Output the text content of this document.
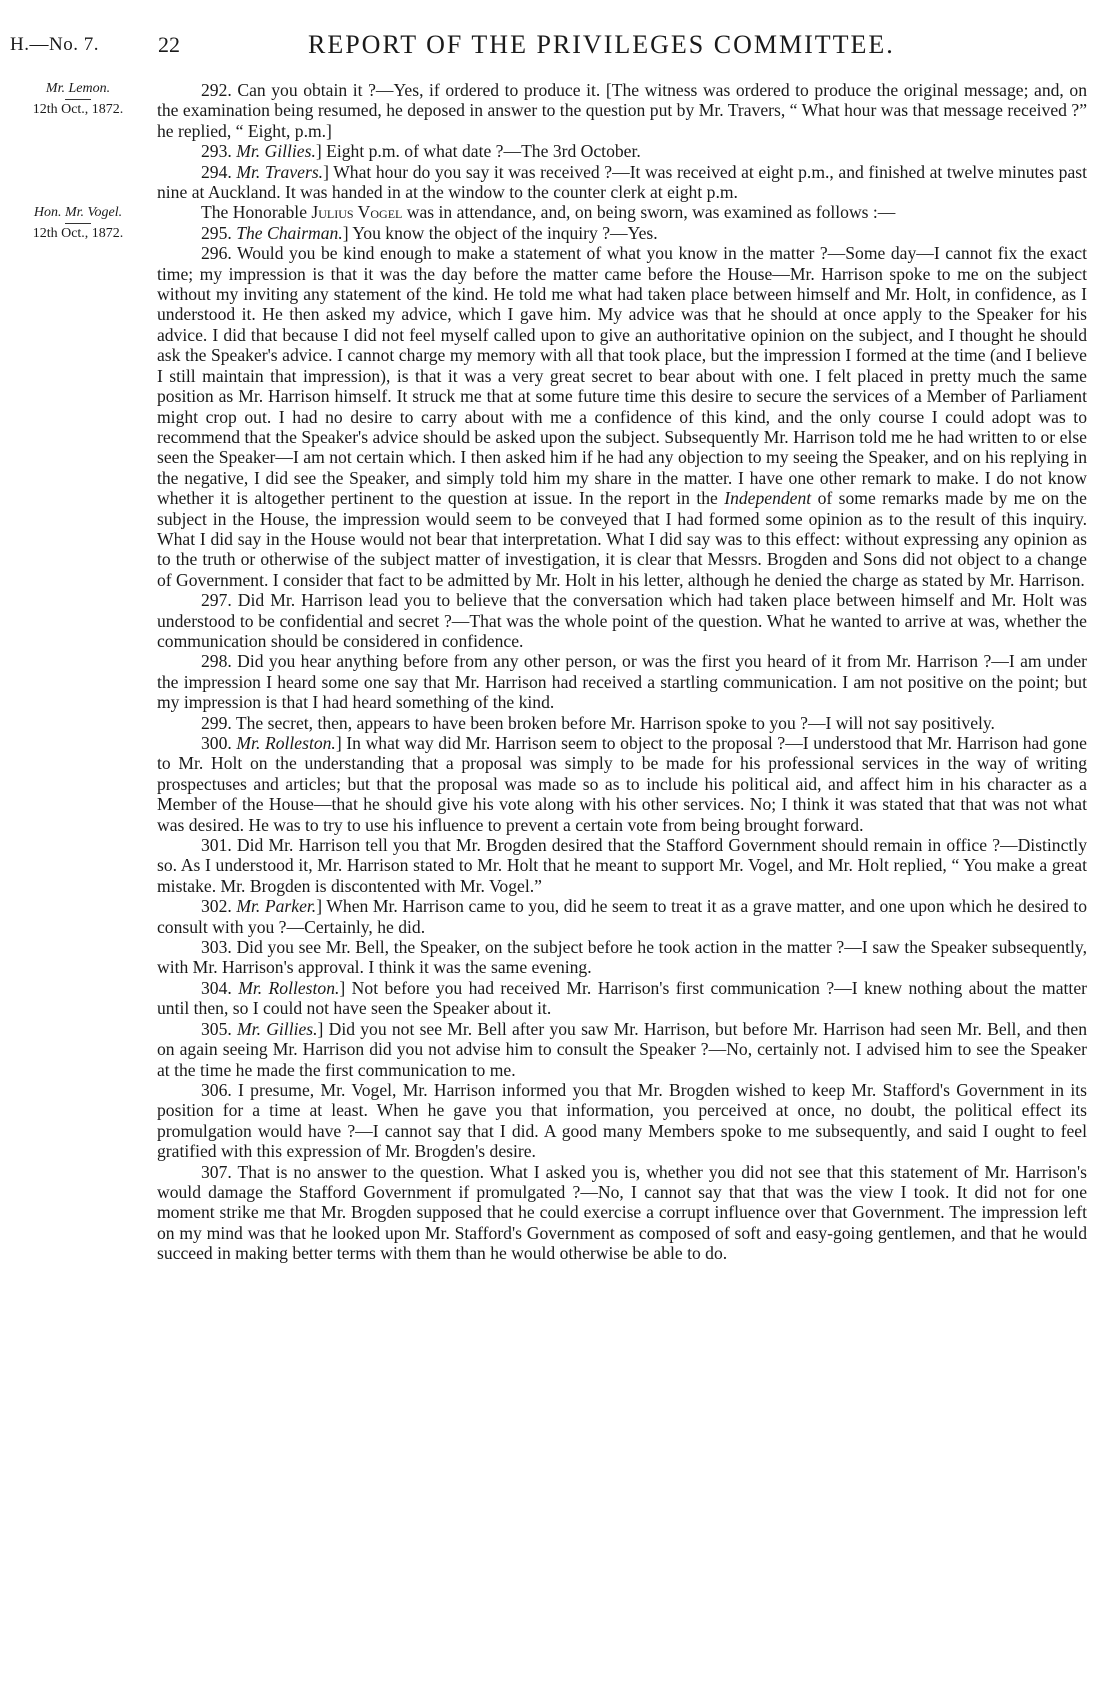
H.—No. 7.	22	REPORT OF THE PRIVILEGES COMMITTEE.
Mr. Lemon.
12th Oct., 1872.

292. Can you obtain it ?—Yes, if ordered to produce it. [The witness was ordered to produce the original message; and, on the examination being resumed, he deposed in answer to the question put by Mr. Travers, “ What hour was that message received ?” he replied, “ Eight, p.m.]

293. Mr. Gillies.] Eight p.m. of what date ?—The 3rd October.

294. Mr. Travers.] What hour do you say it was received ?—It was received at eight p.m., and finished at twelve minutes past nine at Auckland. It was handed in at the window to the counter clerk at eight p.m.

Hon. Mr. Vogel.
12th Oct., 1872.

The Honorable Julius Vogel was in attendance, and, on being sworn, was examined as follows :—

295. The Chairman.] You know the object of the inquiry ?—Yes.

296. Would you be kind enough to make a statement of what you know in the matter ?—Some day—I cannot fix the exact time; my impression is that it was the day before the matter came before the House—Mr. Harrison spoke to me on the subject without my inviting any statement of the kind. He told me what had taken place between himself and Mr. Holt, in confidence, as I understood it. He then asked my advice, which I gave him. My advice was that he should at once apply to the Speaker for his advice. I did that because I did not feel myself called upon to give an authoritative opinion on the subject, and I thought he should ask the Speaker's advice. I cannot charge my memory with all that took place, but the impression I formed at the time (and I believe I still maintain that impression), is that it was a very great secret to bear about with one. I felt placed in pretty much the same position as Mr. Harrison himself. It struck me that at some future time this desire to secure the services of a Member of Parliament might crop out. I had no desire to carry about with me a confidence of this kind, and the only course I could adopt was to recommend that the Speaker's advice should be asked upon the subject. Subsequently Mr. Harrison told me he had written to or else seen the Speaker—I am not certain which. I then asked him if he had any objection to my seeing the Speaker, and on his replying in the negative, I did see the Speaker, and simply told him my share in the matter. I have one other remark to make. I do not know whether it is altogether pertinent to the question at issue. In the report in the Independent of some remarks made by me on the subject in the House, the impression would seem to be conveyed that I had formed some opinion as to the result of this inquiry. What I did say in the House would not bear that interpretation. What I did say was to this effect: without expressing any opinion as to the truth or otherwise of the subject matter of investigation, it is clear that Messrs. Brogden and Sons did not object to a change of Government. I consider that fact to be admitted by Mr. Holt in his letter, although he denied the charge as stated by Mr. Harrison.

297. Did Mr. Harrison lead you to believe that the conversation which had taken place between himself and Mr. Holt was understood to be confidential and secret ?—That was the whole point of the question. What he wanted to arrive at was, whether the communication should be considered in confidence.

298. Did you hear anything before from any other person, or was the first you heard of it from Mr. Harrison ?—I am under the impression I heard some one say that Mr. Harrison had received a startling communication. I am not positive on the point; but my impression is that I had heard something of the kind.

299. The secret, then, appears to have been broken before Mr. Harrison spoke to you ?—I will not say positively.

300. Mr. Rolleston.] In what way did Mr. Harrison seem to object to the proposal ?—I understood that Mr. Harrison had gone to Mr. Holt on the understanding that a proposal was simply to be made for his professional services in the way of writing prospectuses and articles; but that the proposal was made so as to include his political aid, and affect him in his character as a Member of the House—that he should give his vote along with his other services. No; I think it was stated that that was not what was desired. He was to try to use his influence to prevent a certain vote from being brought forward.

301. Did Mr. Harrison tell you that Mr. Brogden desired that the Stafford Government should remain in office ?—Distinctly so. As I understood it, Mr. Harrison stated to Mr. Holt that he meant to support Mr. Vogel, and Mr. Holt replied, “ You make a great mistake. Mr. Brogden is discontented with Mr. Vogel.”

302. Mr. Parker.] When Mr. Harrison came to you, did he seem to treat it as a grave matter, and one upon which he desired to consult with you ?—Certainly, he did.

303. Did you see Mr. Bell, the Speaker, on the subject before he took action in the matter ?—I saw the Speaker subsequently, with Mr. Harrison's approval. I think it was the same evening.

304. Mr. Rolleston.] Not before you had received Mr. Harrison's first communication ?—I knew nothing about the matter until then, so I could not have seen the Speaker about it.

305. Mr. Gillies.] Did you not see Mr. Bell after you saw Mr. Harrison, but before Mr. Harrison had seen Mr. Bell, and then on again seeing Mr. Harrison did you not advise him to consult the Speaker ?—No, certainly not. I advised him to see the Speaker at the time he made the first communication to me.

306. I presume, Mr. Vogel, Mr. Harrison informed you that Mr. Brogden wished to keep Mr. Stafford's Government in its position for a time at least. When he gave you that information, you perceived at once, no doubt, the political effect its promulgation would have ?—I cannot say that I did. A good many Members spoke to me subsequently, and said I ought to feel gratified with this expression of Mr. Brogden's desire.

307. That is no answer to the question. What I asked you is, whether you did not see that this statement of Mr. Harrison's would damage the Stafford Government if promulgated ?—No, I cannot say that that was the view I took. It did not for one moment strike me that Mr. Brogden supposed that he could exercise a corrupt influence over that Government. The impression left on my mind was that he looked upon Mr. Stafford's Government as composed of soft and easy-going gentlemen, and that he would succeed in making better terms with them than he would otherwise be able to do.
